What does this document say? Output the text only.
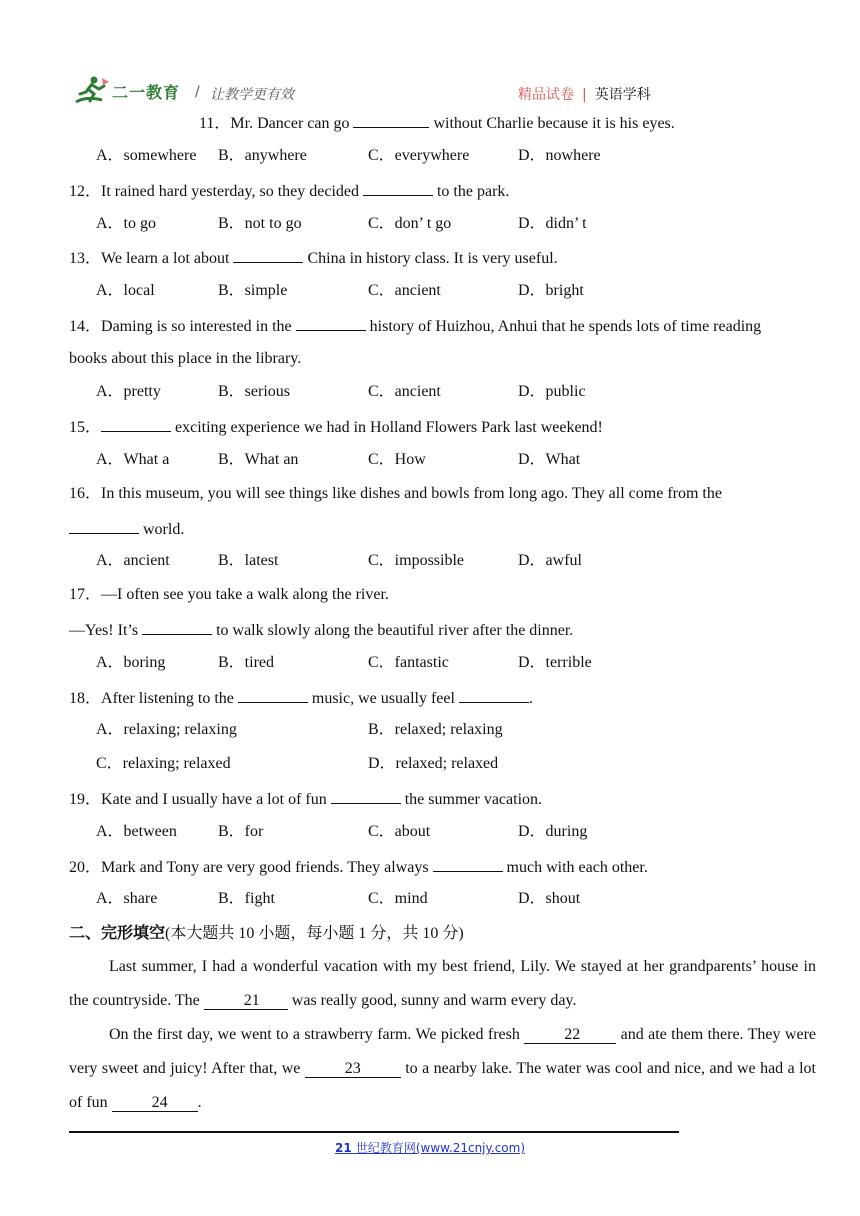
二一教育 / 让教学更有效	精品试卷 | 英语学科
11．Mr. Dancer can go	without Charlie because it is his eyes.
A．somewhere B．anywhere	C．everywhere	D．nowhere
12．It rained hard yesterday, so they decided	to the park.
A．to go	B．not to go	C．don’ t go	D．didn’ t
13．We learn a lot about	China in history class. It is very useful.
A．local	B．simple	C．ancient	D．bright
14．Daming is so interested in the	history of Huizhou, Anhui that he spends lots of time reading
books about this place in the library.
A．pretty	B．serious	C．ancient	D．public
15．	exciting experience we had in Holland Flowers Park last weekend!
A．What a	B．What an	C．How	D．What
16．In this museum, you will see things like dishes and bowls from long ago. They all come from the
world.
A．ancient	B．latest	C．impossible	D．awful
17．—I often see you take a walk along the river.
—Yes! It’s	to walk slowly along the beautiful river after the dinner.
A．boring	B．tired	C．fantastic	D．terrible
18．After listening to the	music, we usually feel	.
A．relaxing; relaxing	B．relaxed; relaxing
C．relaxing; relaxed	D．relaxed; relaxed
19．Kate and I usually have a lot of fun	the summer vacation.
A．between	B．for	C．about	D．during
20．Mark and Tony are very good friends. They always	much with each other.
A．share	B．fight	C．mind	D．shout
二、完形填空(本大题共 10 小题，每小题 1 分，共 10 分)

Last summer, I had a wonderful vacation with my best friend, Lily. We stayed at her grandparents’ house in the countryside. The	21 was really good, sunny and warm every day.

On the first day, we went to a strawberry farm. We picked fresh	22 and ate them there. They were very sweet and juicy! After that, we	23	to a nearby lake. The water was cool and nice, and we had a lot of fun	24 .

21 世纪教育网(www.21cnjy.com)
